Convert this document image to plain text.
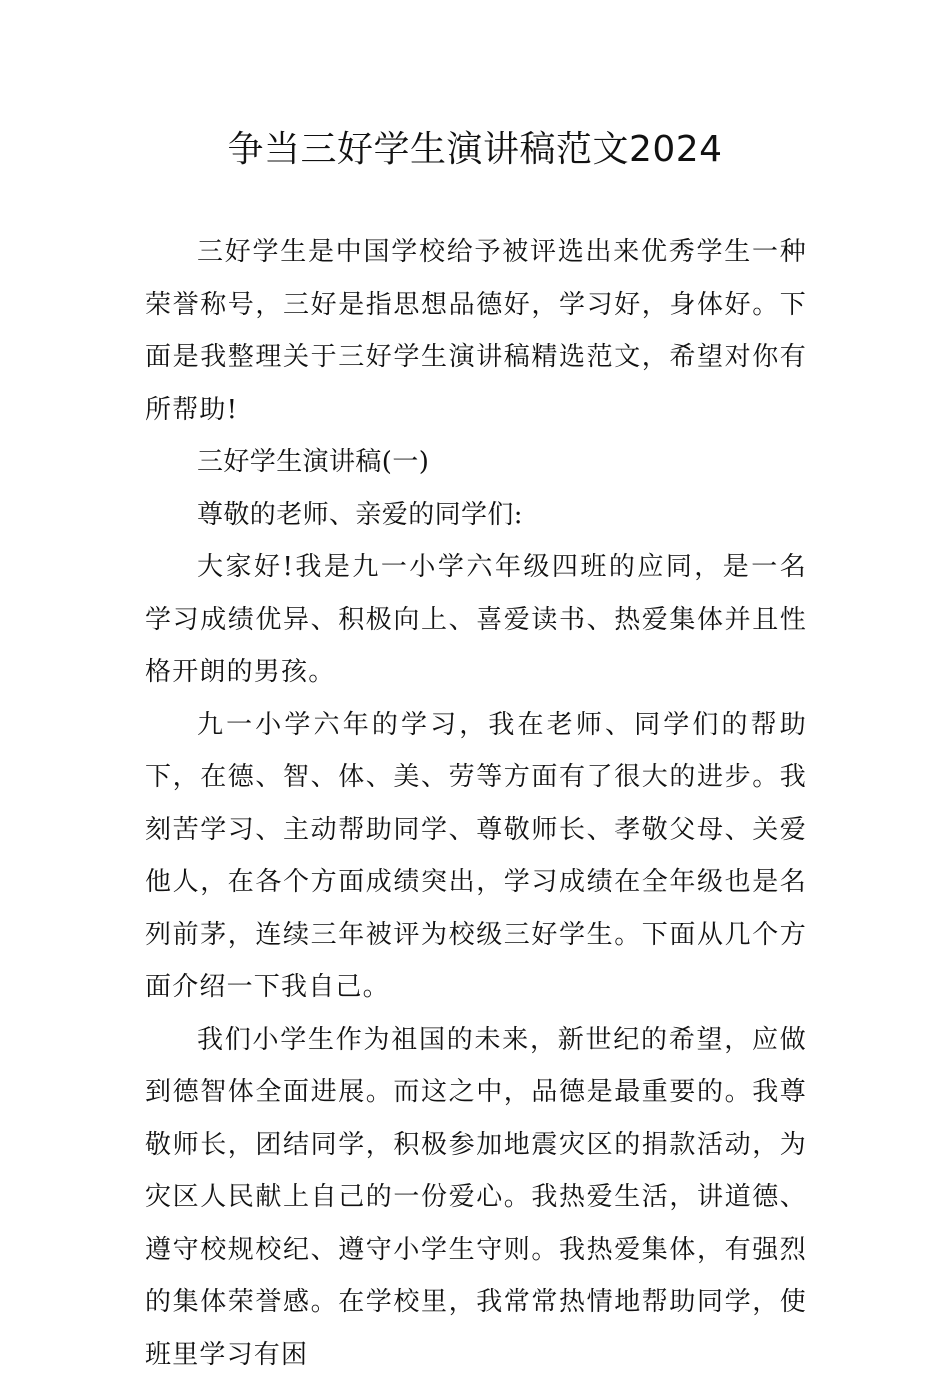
争当三好学生演讲稿范文2024

三好学生是中国学校给予被评选出来优秀学生一种荣誉称号，三好是指思想品德好，学习好，身体好。下面是我整理关于三好学生演讲稿精选范文，希望对你有所帮助!

三好学生演讲稿(一)

尊敬的老师、亲爱的同学们:

大家好!我是九一小学六年级四班的应同，是一名学习成绩优异、积极向上、喜爱读书、热爱集体并且性格开朗的男孩。

九一小学六年的学习，我在老师、同学们的帮助下，在德、智、体、美、劳等方面有了很大的进步。我刻苦学习、主动帮助同学、尊敬师长、孝敬父母、关爱他人，在各个方面成绩突出，学习成绩在全年级也是名列前茅，连续三年被评为校级三好学生。下面从几个方面介绍一下我自己。

我们小学生作为祖国的未来，新世纪的希望，应做到德智体全面进展。而这之中，品德是最重要的。我尊敬师长，团结同学，积极参加地震灾区的捐款活动，为灾区人民献上自己的一份爱心。我热爱生活，讲道德、遵守校规校纪、遵守小学生守则。我热爱集体，有强烈的集体荣誉感。在学校里，我常常热情地帮助同学，使班里学习有困
